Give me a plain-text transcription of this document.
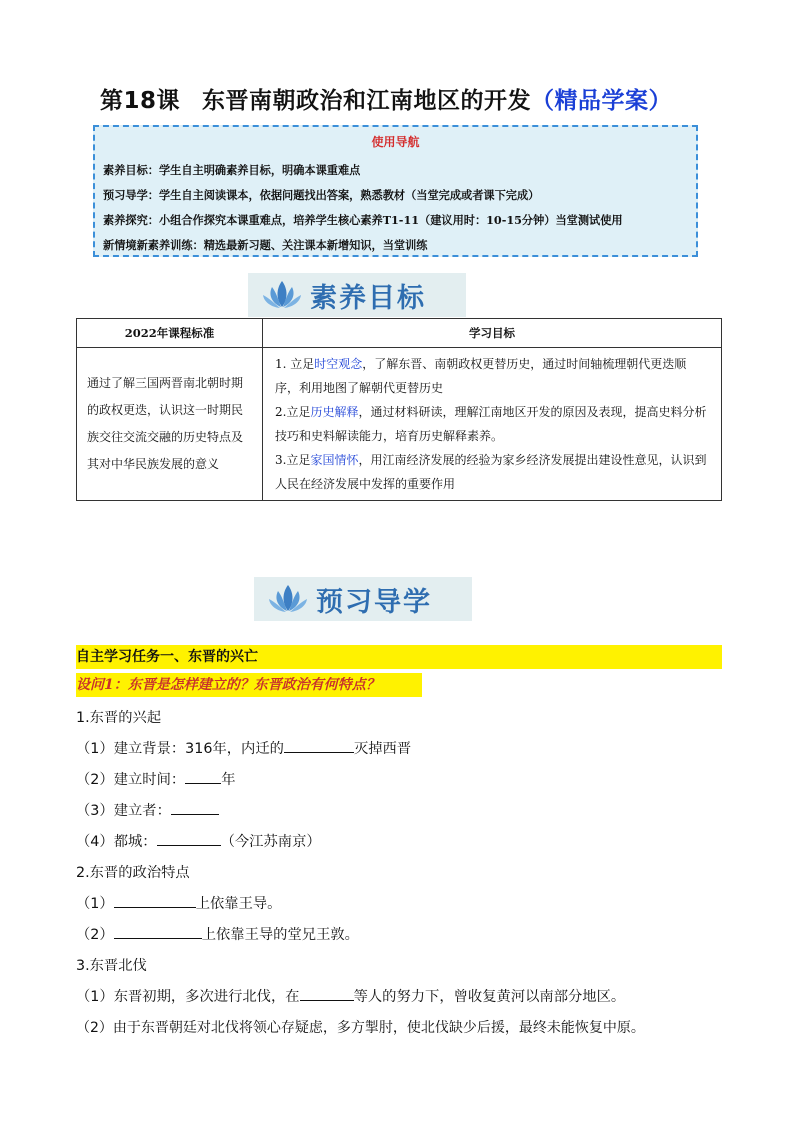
第18课 东晋南朝政治和江南地区的开发（精品学案）
使用导航
素养目标：学生自主明确素养目标，明确本课重难点
预习导学：学生自主阅读课本，依据问题找出答案，熟悉教材（当堂完成或者课下完成）
素养探究：小组合作探究本课重难点，培养学生核心素养T1-11（建议用时：10-15分钟）当堂测试使用
新情境新素养训练：精选最新习题、关注课本新增知识，当堂训练
素养目标
2022年课程标准	学习目标
通过了解三国两晋南北朝时期的政权更迭，认识这一时期民族交往交流交融的历史特点及其对中华民族发展的意义	1. 立足时空观念，了解东晋、南朝政权更替历史，通过时间轴梳理朝代更迭顺序，利用地图了解朝代更替历史

2.立足历史解释，通过材料研读，理解江南地区开发的原因及表现，提高史料分析技巧和史料解读能力，培育历史解释素养。

3.立足家国情怀，用江南经济发展的经验为家乡经济发展提出建设性意见，认识到人民在经济发展中发挥的重要作用

预习导学
自主学习任务一、东晋的兴亡
设问1：东晋是怎样建立的？东晋政治有何特点？
1.东晋的兴起
（1）建立背景：316年，内迁的	灭掉西晋
（2）建立时间：	年
（3）建立者：
（4）都城：	（今江苏南京）
2.东晋的政治特点
（1）	上依靠王导。
（2）	上依靠王导的堂兄王敦。
3.东晋北伐
（1）东晋初期，多次进行北伐，在	等人的努力下，曾收复黄河以南部分地区。
（2）由于东晋朝廷对北伐将领心存疑虑，多方掣肘，使北伐缺少后援，最终未能恢复中原。
